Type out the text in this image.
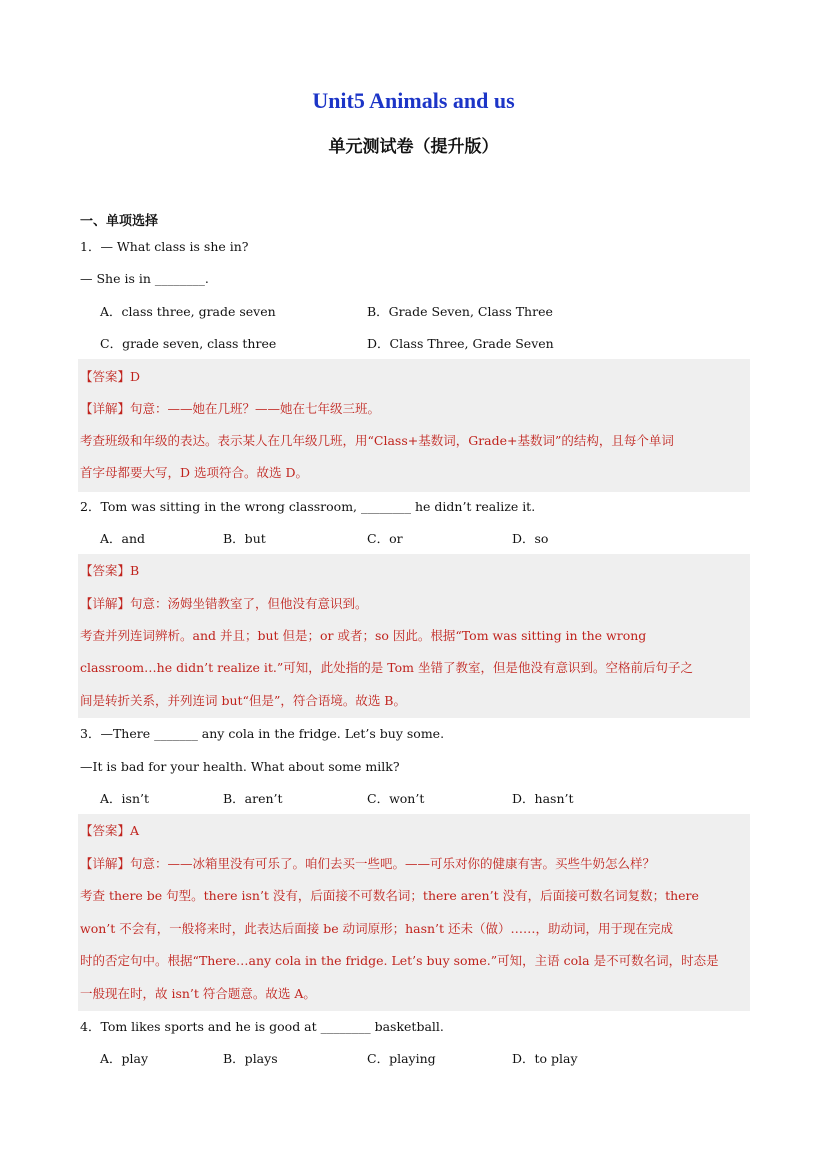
Unit5 Animals and us
单元测试卷（提升版）
一、单项选择
1．— What class is she in?
— She is in ________.
A．class three, grade seven	B．Grade Seven, Class Three
C．grade seven, class three	D．Class Three, Grade Seven
【答案】D
【详解】句意：——她在几班？——她在七年级三班。
考查班级和年级的表达。表示某人在几年级几班，用“Class+基数词，Grade+基数词”的结构，且每个单词
首字母都要大写，D 选项符合。故选 D。
2．Tom was sitting in the wrong classroom, ________ he didn’t realize it.
A．and	B．but	C．or	D．so
【答案】B
【详解】句意：汤姆坐错教室了，但他没有意识到。
考查并列连词辨析。and 并且；but 但是；or 或者；so 因此。根据“Tom was sitting in the wrong
classroom…he didn’t realize it.”可知，此处指的是 Tom 坐错了教室，但是他没有意识到。空格前后句子之
间是转折关系，并列连词 but“但是”，符合语境。故选 B。
3．—There _______ any cola in the fridge. Let’s buy some.
—It is bad for your health. What about some milk?
A．isn’t	B．aren’t	C．won’t	D．hasn’t
【答案】A
【详解】句意：——冰箱里没有可乐了。咱们去买一些吧。——可乐对你的健康有害。买些牛奶怎么样？
考查 there be 句型。there isn’t 没有，后面接不可数名词；there aren’t 没有，后面接可数名词复数；there
won’t 不会有，一般将来时，此表达后面接 be 动词原形；hasn’t 还未（做）……，助动词，用于现在完成
时的否定句中。根据“There…any cola in the fridge. Let’s buy some.”可知，主语 cola 是不可数名词，时态是
一般现在时，故 isn’t 符合题意。故选 A。
4．Tom likes sports and he is good at ________ basketball.
A．play	B．plays	C．playing	D．to play
